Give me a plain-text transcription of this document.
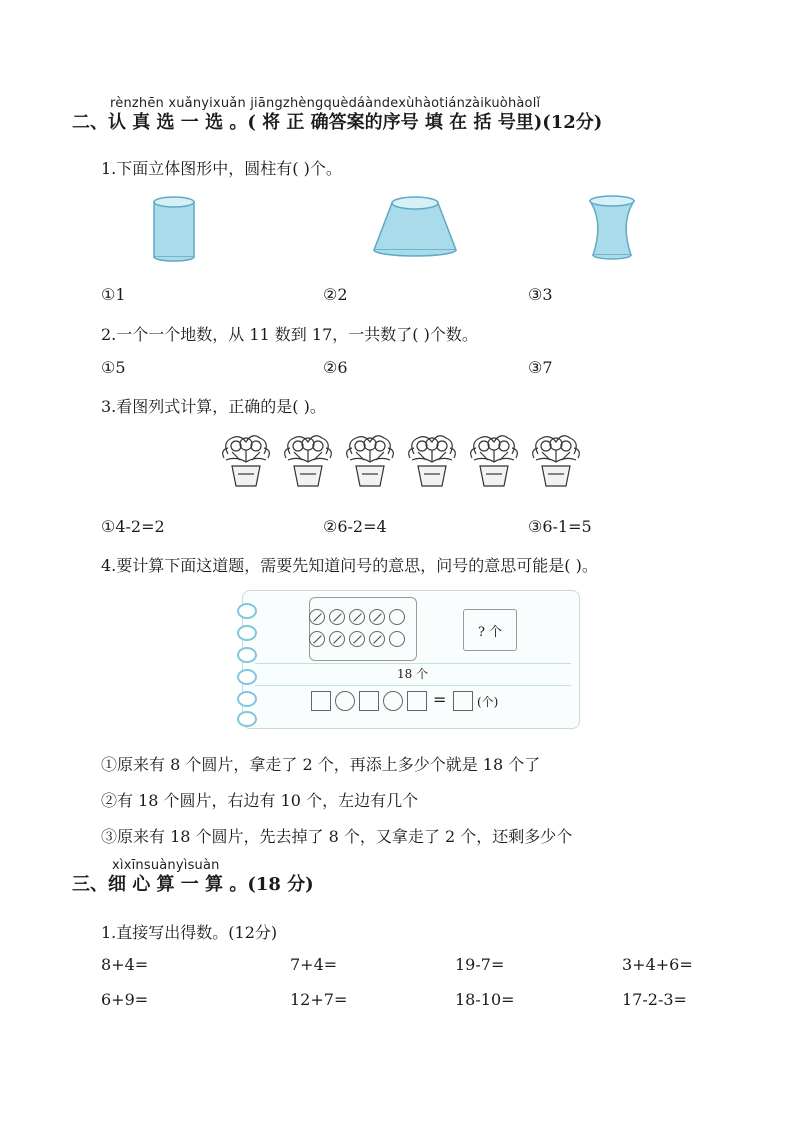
rènzhēn xuǎnyixuǎn jiāngzhèngquèdáàndexùhàotiánzàikuòhàolǐ
二、认 真 选 一 选 。( 将 正 确答案的序号 填 在 括 号里)(12分)
1.下面立体图形中，圆柱有( )个。
①1	②2	③3
2.一个一个地数，从 11 数到 17，一共数了( )个数。
①5	②6	③7
3.看图列式计算，正确的是( )。
①4-2=2	②6-2=4	③6-1=5
4.要计算下面这道题，需要先知道问号的意思，问号的意思可能是( )。
? 个
18 个
=	(个)
①原来有 8 个圆片，拿走了 2 个，再添上多少个就是 18 个了
②有 18 个圆片，右边有 10 个，左边有几个
③原来有 18 个圆片，先去掉了 8 个，又拿走了 2 个，还剩多少个
xìxīnsuànyìsuàn
三、细 心 算 一 算 。(18 分)
1.直接写出得数。(12分)
8+4=	7+4=	19-7=	3+4+6=
6+9=	12+7=	18-10=	17-2-3=
